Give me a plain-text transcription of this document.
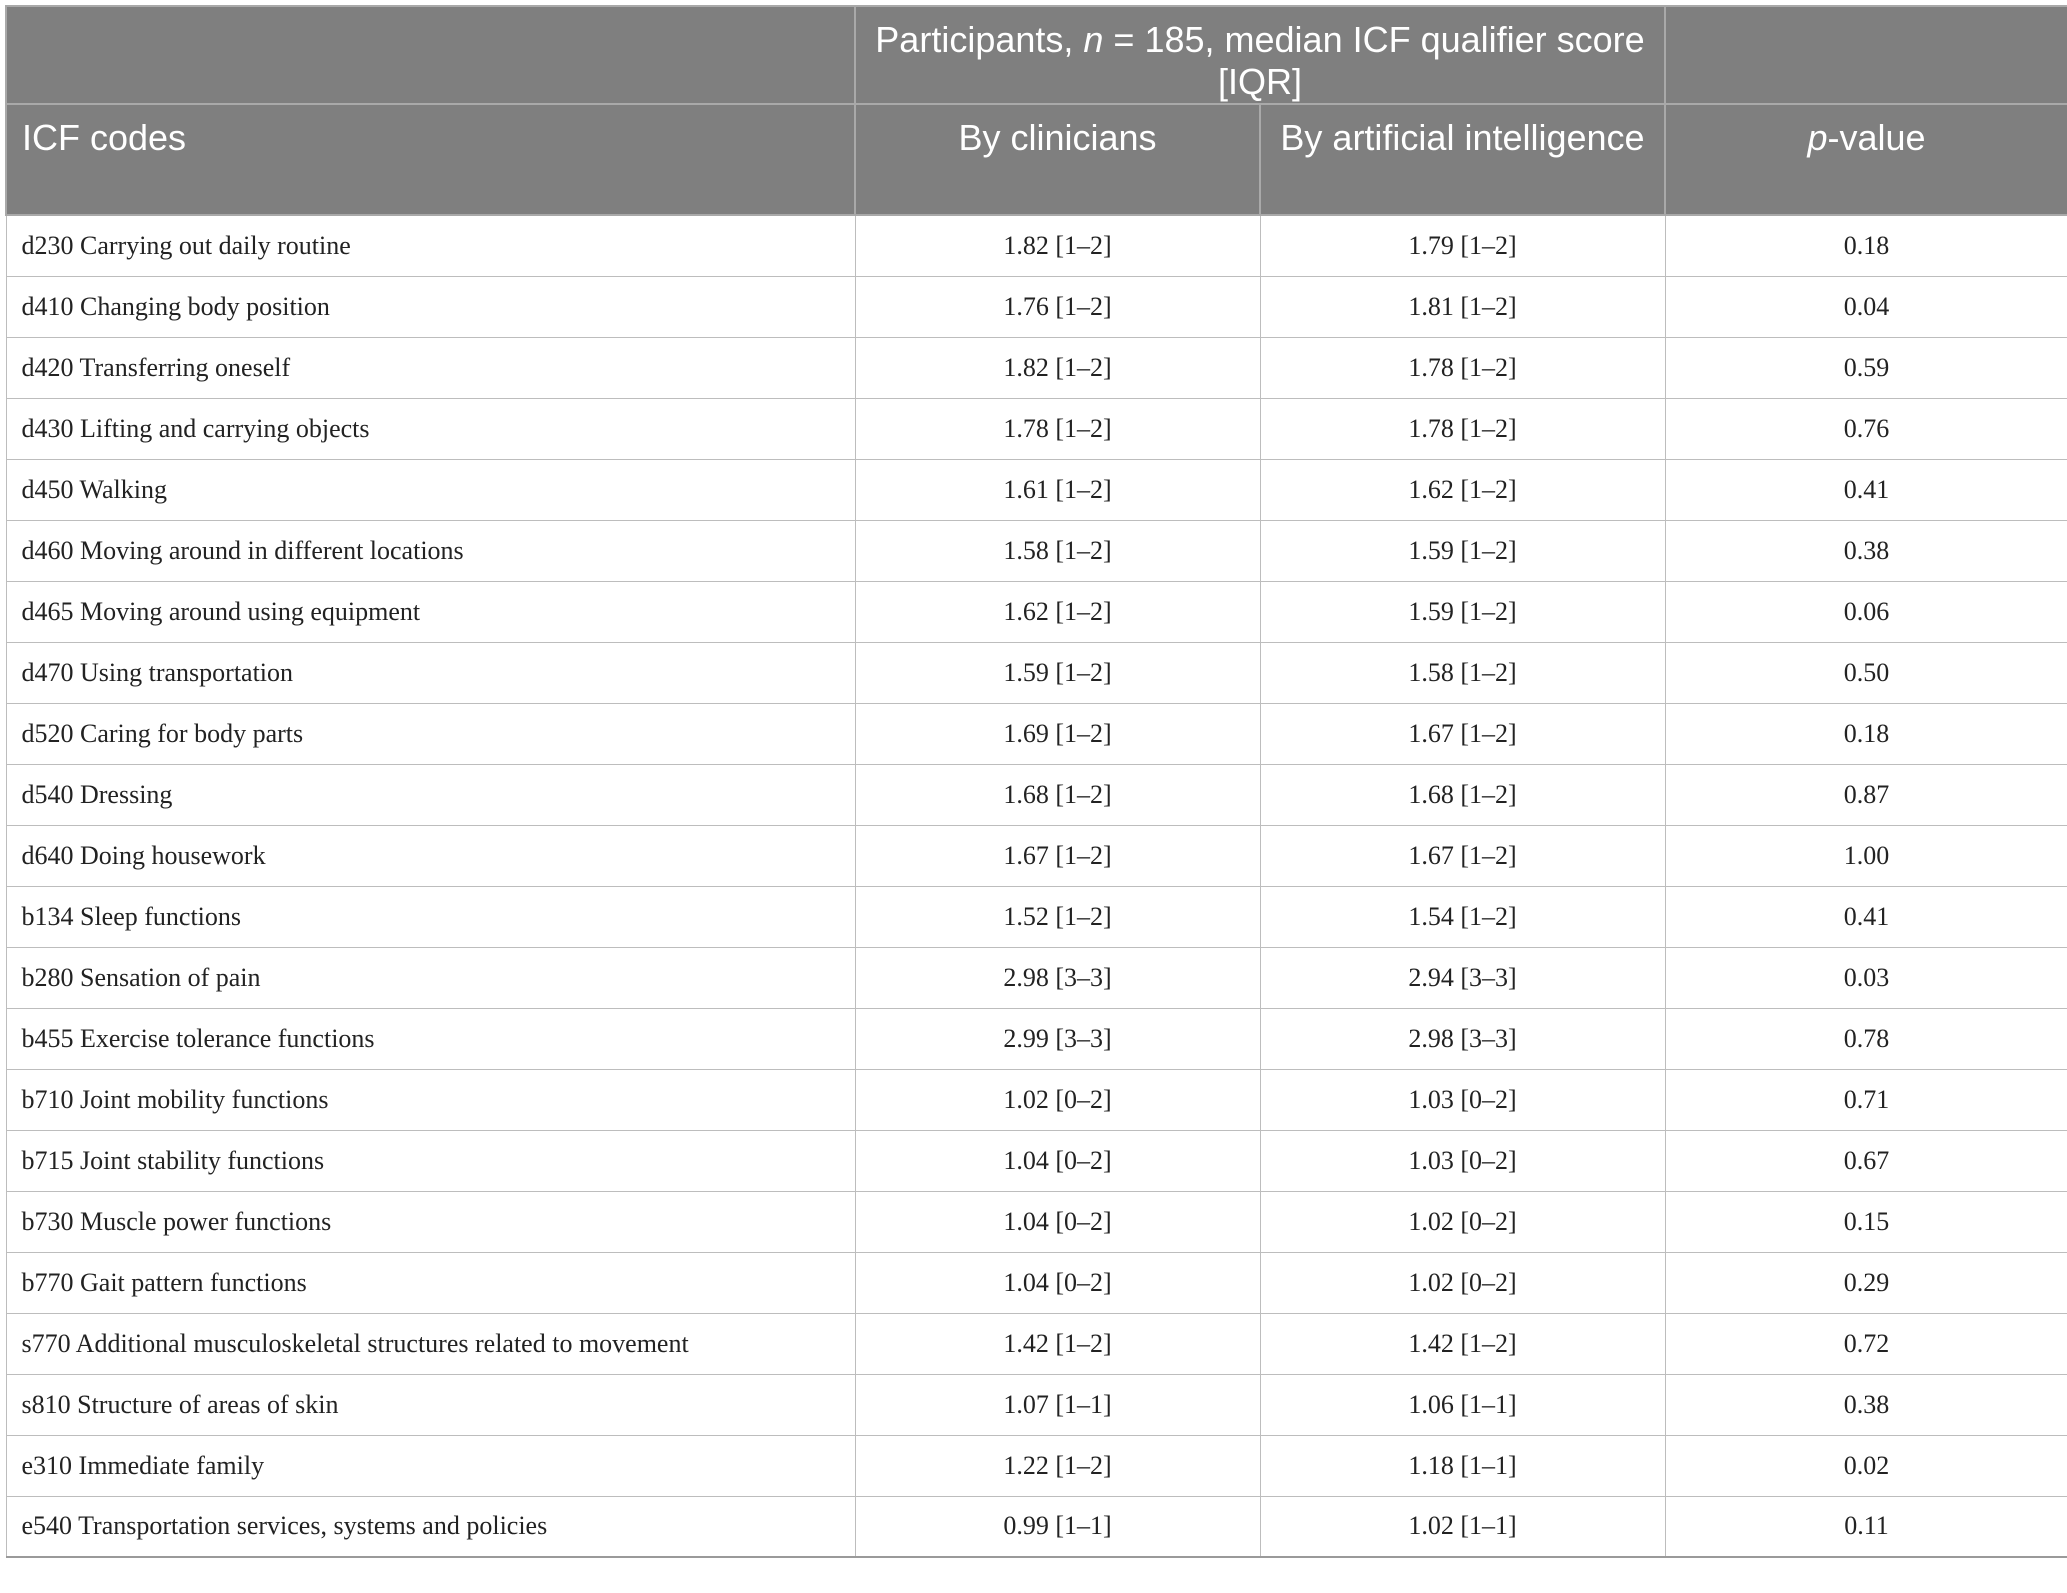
	Participants, n = 185, median ICF qualifier score [IQR]		
ICF codes	By clinicians	By artificial intelligence	p-value
d230 Carrying out daily routine	1.82 [1–2]	1.79 [1–2]	0.18
d410 Changing body position	1.76 [1–2]	1.81 [1–2]	0.04
d420 Transferring oneself	1.82 [1–2]	1.78 [1–2]	0.59
d430 Lifting and carrying objects	1.78 [1–2]	1.78 [1–2]	0.76
d450 Walking	1.61 [1–2]	1.62 [1–2]	0.41
d460 Moving around in different locations	1.58 [1–2]	1.59 [1–2]	0.38
d465 Moving around using equipment	1.62 [1–2]	1.59 [1–2]	0.06
d470 Using transportation	1.59 [1–2]	1.58 [1–2]	0.50
d520 Caring for body parts	1.69 [1–2]	1.67 [1–2]	0.18
d540 Dressing	1.68 [1–2]	1.68 [1–2]	0.87
d640 Doing housework	1.67 [1–2]	1.67 [1–2]	1.00
b134 Sleep functions	1.52 [1–2]	1.54 [1–2]	0.41
b280 Sensation of pain	2.98 [3–3]	2.94 [3–3]	0.03
b455 Exercise tolerance functions	2.99 [3–3]	2.98 [3–3]	0.78
b710 Joint mobility functions	1.02 [0–2]	1.03 [0–2]	0.71
b715 Joint stability functions	1.04 [0–2]	1.03 [0–2]	0.67
b730 Muscle power functions	1.04 [0–2]	1.02 [0–2]	0.15
b770 Gait pattern functions	1.04 [0–2]	1.02 [0–2]	0.29
s770 Additional musculoskeletal structures related to movement	1.42 [1–2]	1.42 [1–2]	0.72
s810 Structure of areas of skin	1.07 [1–1]	1.06 [1–1]	0.38
e310 Immediate family	1.22 [1–2]	1.18 [1–1]	0.02
e540 Transportation services, systems and policies	0.99 [1–1]	1.02 [1–1]	0.11
